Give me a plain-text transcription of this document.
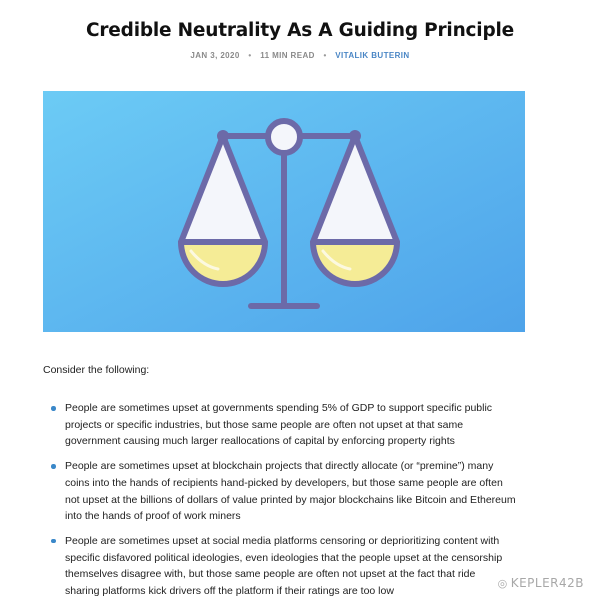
Credible Neutrality As A Guiding Principle
JAN 3, 2020 • 11 MIN READ • VITALIK BUTERIN
Consider the following:
People are sometimes upset at governments spending 5% of GDP to support specific public
projects or specific industries, but those same people are often not upset at that same
government causing much larger reallocations of capital by enforcing property rights
People are sometimes upset at blockchain projects that directly allocate (or “premine”) many
coins into the hands of recipients hand-picked by developers, but those same people are often
not upset at the billions of dollars of value printed by major blockchains like Bitcoin and Ethereum
into the hands of proof of work miners
People are sometimes upset at social media platforms censoring or deprioritizing content with
specific disfavored political ideologies, even ideologies that the people upset at the censorship
themselves disagree with, but those same people are often not upset at the fact that ride
sharing platforms kick drivers off the platform if their ratings are too low
◎ KEPLER42B
